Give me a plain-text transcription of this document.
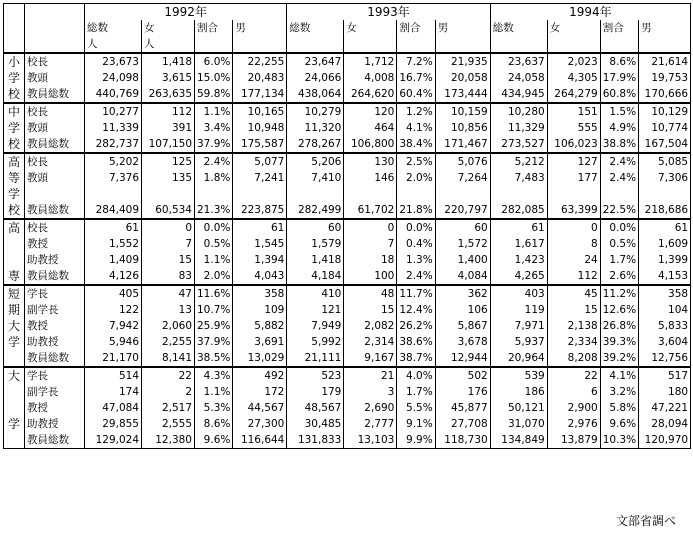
		1992年				1993年				1994年			
		総数	女	割合	男	総数	女	割合	男	総数	女	割合	男
		人	人										
小	校長	23,673	1,418	6.0%	22,255	23,647	1,712	7.2%	21,935	23,637	2,023	8.6%	21,614
学	教頭	24,098	3,615	15.0%	20,483	24,066	4,008	16.7%	20,058	24,058	4,305	17.9%	19,753
校	教員総数	440,769	263,635	59.8%	177,134	438,064	264,620	60.4%	173,444	434,945	264,279	60.8%	170,666
中	校長	10,277	112	1.1%	10,165	10,279	120	1.2%	10,159	10,280	151	1.5%	10,129
学	教頭	11,339	391	3.4%	10,948	11,320	464	4.1%	10,856	11,329	555	4.9%	10,774
校	教員総数	282,737	107,150	37.9%	175,587	278,267	106,800	38.4%	171,467	273,527	106,023	38.8%	167,504
高	校長	5,202	125	2.4%	5,077	5,206	130	2.5%	5,076	5,212	127	2.4%	5,085
等	教頭	7,376	135	1.8%	7,241	7,410	146	2.0%	7,264	7,483	177	2.4%	7,306
学													
校	教員総数	284,409	60,534	21.3%	223,875	282,499	61,702	21.8%	220,797	282,085	63,399	22.5%	218,686
高	校長	61	0	0.0%	61	60	0	0.0%	60	61	0	0.0%	61
	教授	1,552	7	0.5%	1,545	1,579	7	0.4%	1,572	1,617	8	0.5%	1,609
	助教授	1,409	15	1.1%	1,394	1,418	18	1.3%	1,400	1,423	24	1.7%	1,399
専	教員総数	4,126	83	2.0%	4,043	4,184	100	2.4%	4,084	4,265	112	2.6%	4,153
短	学長	405	47	11.6%	358	410	48	11.7%	362	403	45	11.2%	358
期	副学長	122	13	10.7%	109	121	15	12.4%	106	119	15	12.6%	104
大	教授	7,942	2,060	25.9%	5,882	7,949	2,082	26.2%	5,867	7,971	2,138	26.8%	5,833
学	助教授	5,946	2,255	37.9%	3,691	5,992	2,314	38.6%	3,678	5,937	2,334	39.3%	3,604
	教員総数	21,170	8,141	38.5%	13,029	21,111	9,167	38.7%	12,944	20,964	8,208	39.2%	12,756
大	学長	514	22	4.3%	492	523	21	4.0%	502	539	22	4.1%	517
	副学長	174	2	1.1%	172	179	3	1.7%	176	186	6	3.2%	180
	教授	47,084	2,517	5.3%	44,567	48,567	2,690	5.5%	45,877	50,121	2,900	5.8%	47,221
学	助教授	29,855	2,555	8.6%	27,300	30,485	2,777	9.1%	27,708	31,070	2,976	9.6%	28,094
	教員総数	129,024	12,380	9.6%	116,644	131,833	13,103	9.9%	118,730	134,849	13,879	10.3%	120,970
文部省調べ
